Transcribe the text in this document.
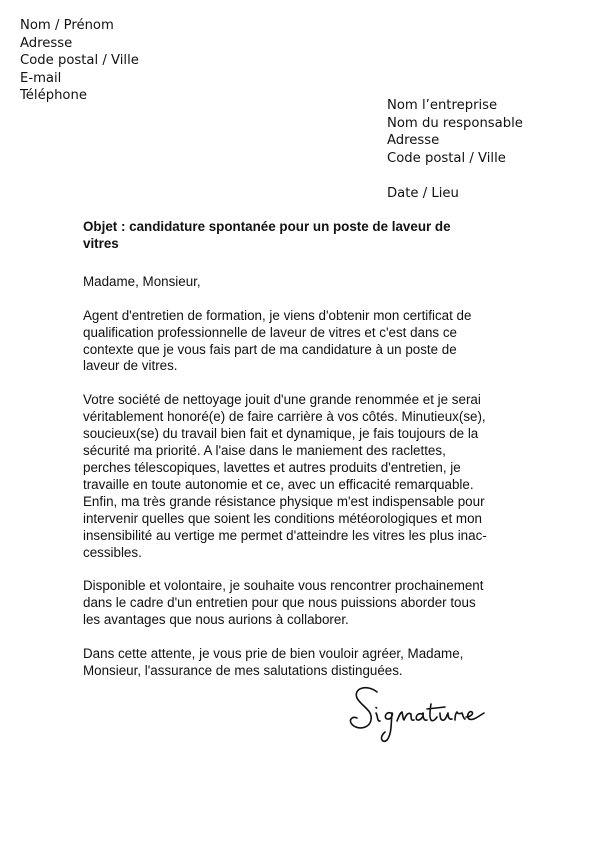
Nom / Prénom
Adresse
Code postal / Ville
E-mail
Téléphone
Nom l’entreprise
Nom du responsable
Adresse
Code postal / Ville
Date / Lieu

Objet : candidature spontanée pour un poste de laveur de
vitres

Madame, Monsieur,

Agent d'entretien de formation, je viens d'obtenir mon certificat de
qualification professionnelle de laveur de vitres et c'est dans ce
contexte que je vous fais part de ma candidature à un poste de
laveur de vitres.

Votre société de nettoyage jouit d'une grande renommée et je serai
véritablement honoré(e) de faire carrière à vos côtés. Minutieux(se),
soucieux(se) du travail bien fait et dynamique, je fais toujours de la
sécurité ma priorité. A l'aise dans le maniement des raclettes,
perches télescopiques, lavettes et autres produits d'entretien, je
travaille en toute autonomie et ce, avec un efficacité remarquable.
Enfin, ma très grande résistance physique m'est indispensable pour
intervenir quelles que soient les conditions météorologiques et mon
insensibilité au vertige me permet d'atteindre les vitres les plus inac-
cessibles.

Disponible et volontaire, je souhaite vous rencontrer prochainement
dans le cadre d'un entretien pour que nous puissions aborder tous
les avantages que nous aurions à collaborer.

Dans cette attente, je vous prie de bien vouloir agréer, Madame,
Monsieur, l'assurance de mes salutations distinguées.
